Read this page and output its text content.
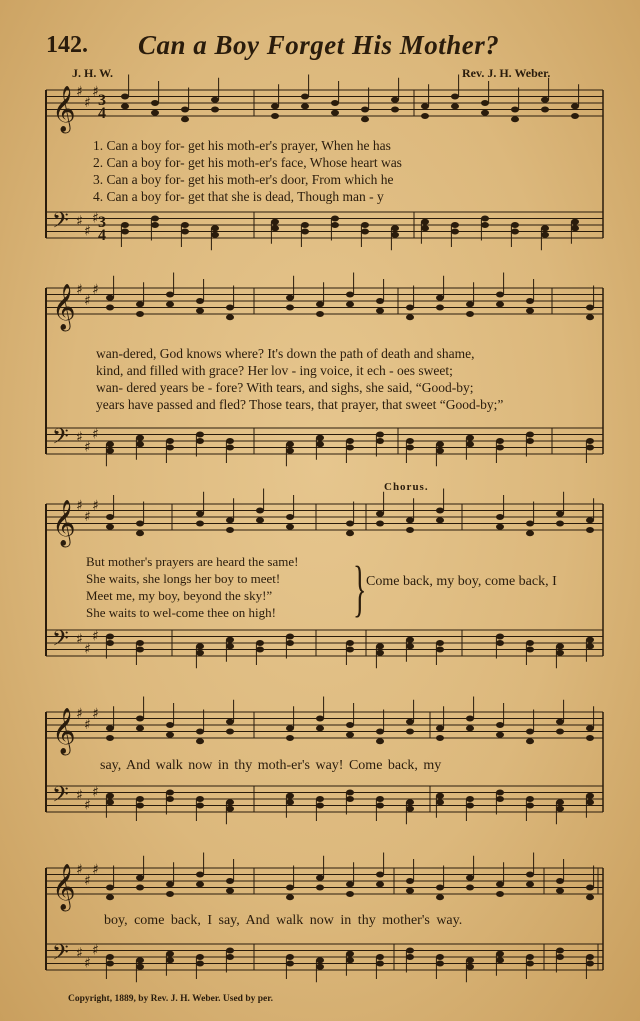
142. Can a Boy Forget His Mother?
J. H. W.	Rev. J. H. Weber.
𝄞 ♯
♯
♯
𝄢 ♯
♯
♯
𝄞 ♯
♯
♯
𝄢 ♯
♯
♯
𝄞 ♯
♯
♯
𝄢 ♯
♯
♯
𝄞 ♯
♯
♯
𝄢 ♯
♯
♯
𝄞 ♯
♯
♯
𝄢 ♯
♯
♯
3
4
3
4
1. Can a boy for- get his moth-er's prayer, When he has
2. Can a boy for- get his moth-er's face, Whose heart was
3. Can a boy for- get his moth-er's door, From which he
4. Can a boy for- get that she is dead, Though man - y
wan-dered, God knows where? It's down the path of death and shame,
kind, and filled with grace? Her lov - ing voice, it ech - oes sweet;
wan- dered years be - fore? With tears, and sighs, she said, “Good-by;
years have passed and fled? Those tears, that prayer, that sweet “Good-by;”
Chorus.
But mother's prayers are heard the same!
She waits, she longs her boy to meet!
Meet me, my boy, beyond the sky!”
She waits to wel-come thee on high! } Come back, my boy, come back, I
say, And walk now in thy moth-er's way! Come back, my
boy, come back, I say, And walk now in thy mother's way.
Copyright, 1889, by Rev. J. H. Weber. Used by per.
